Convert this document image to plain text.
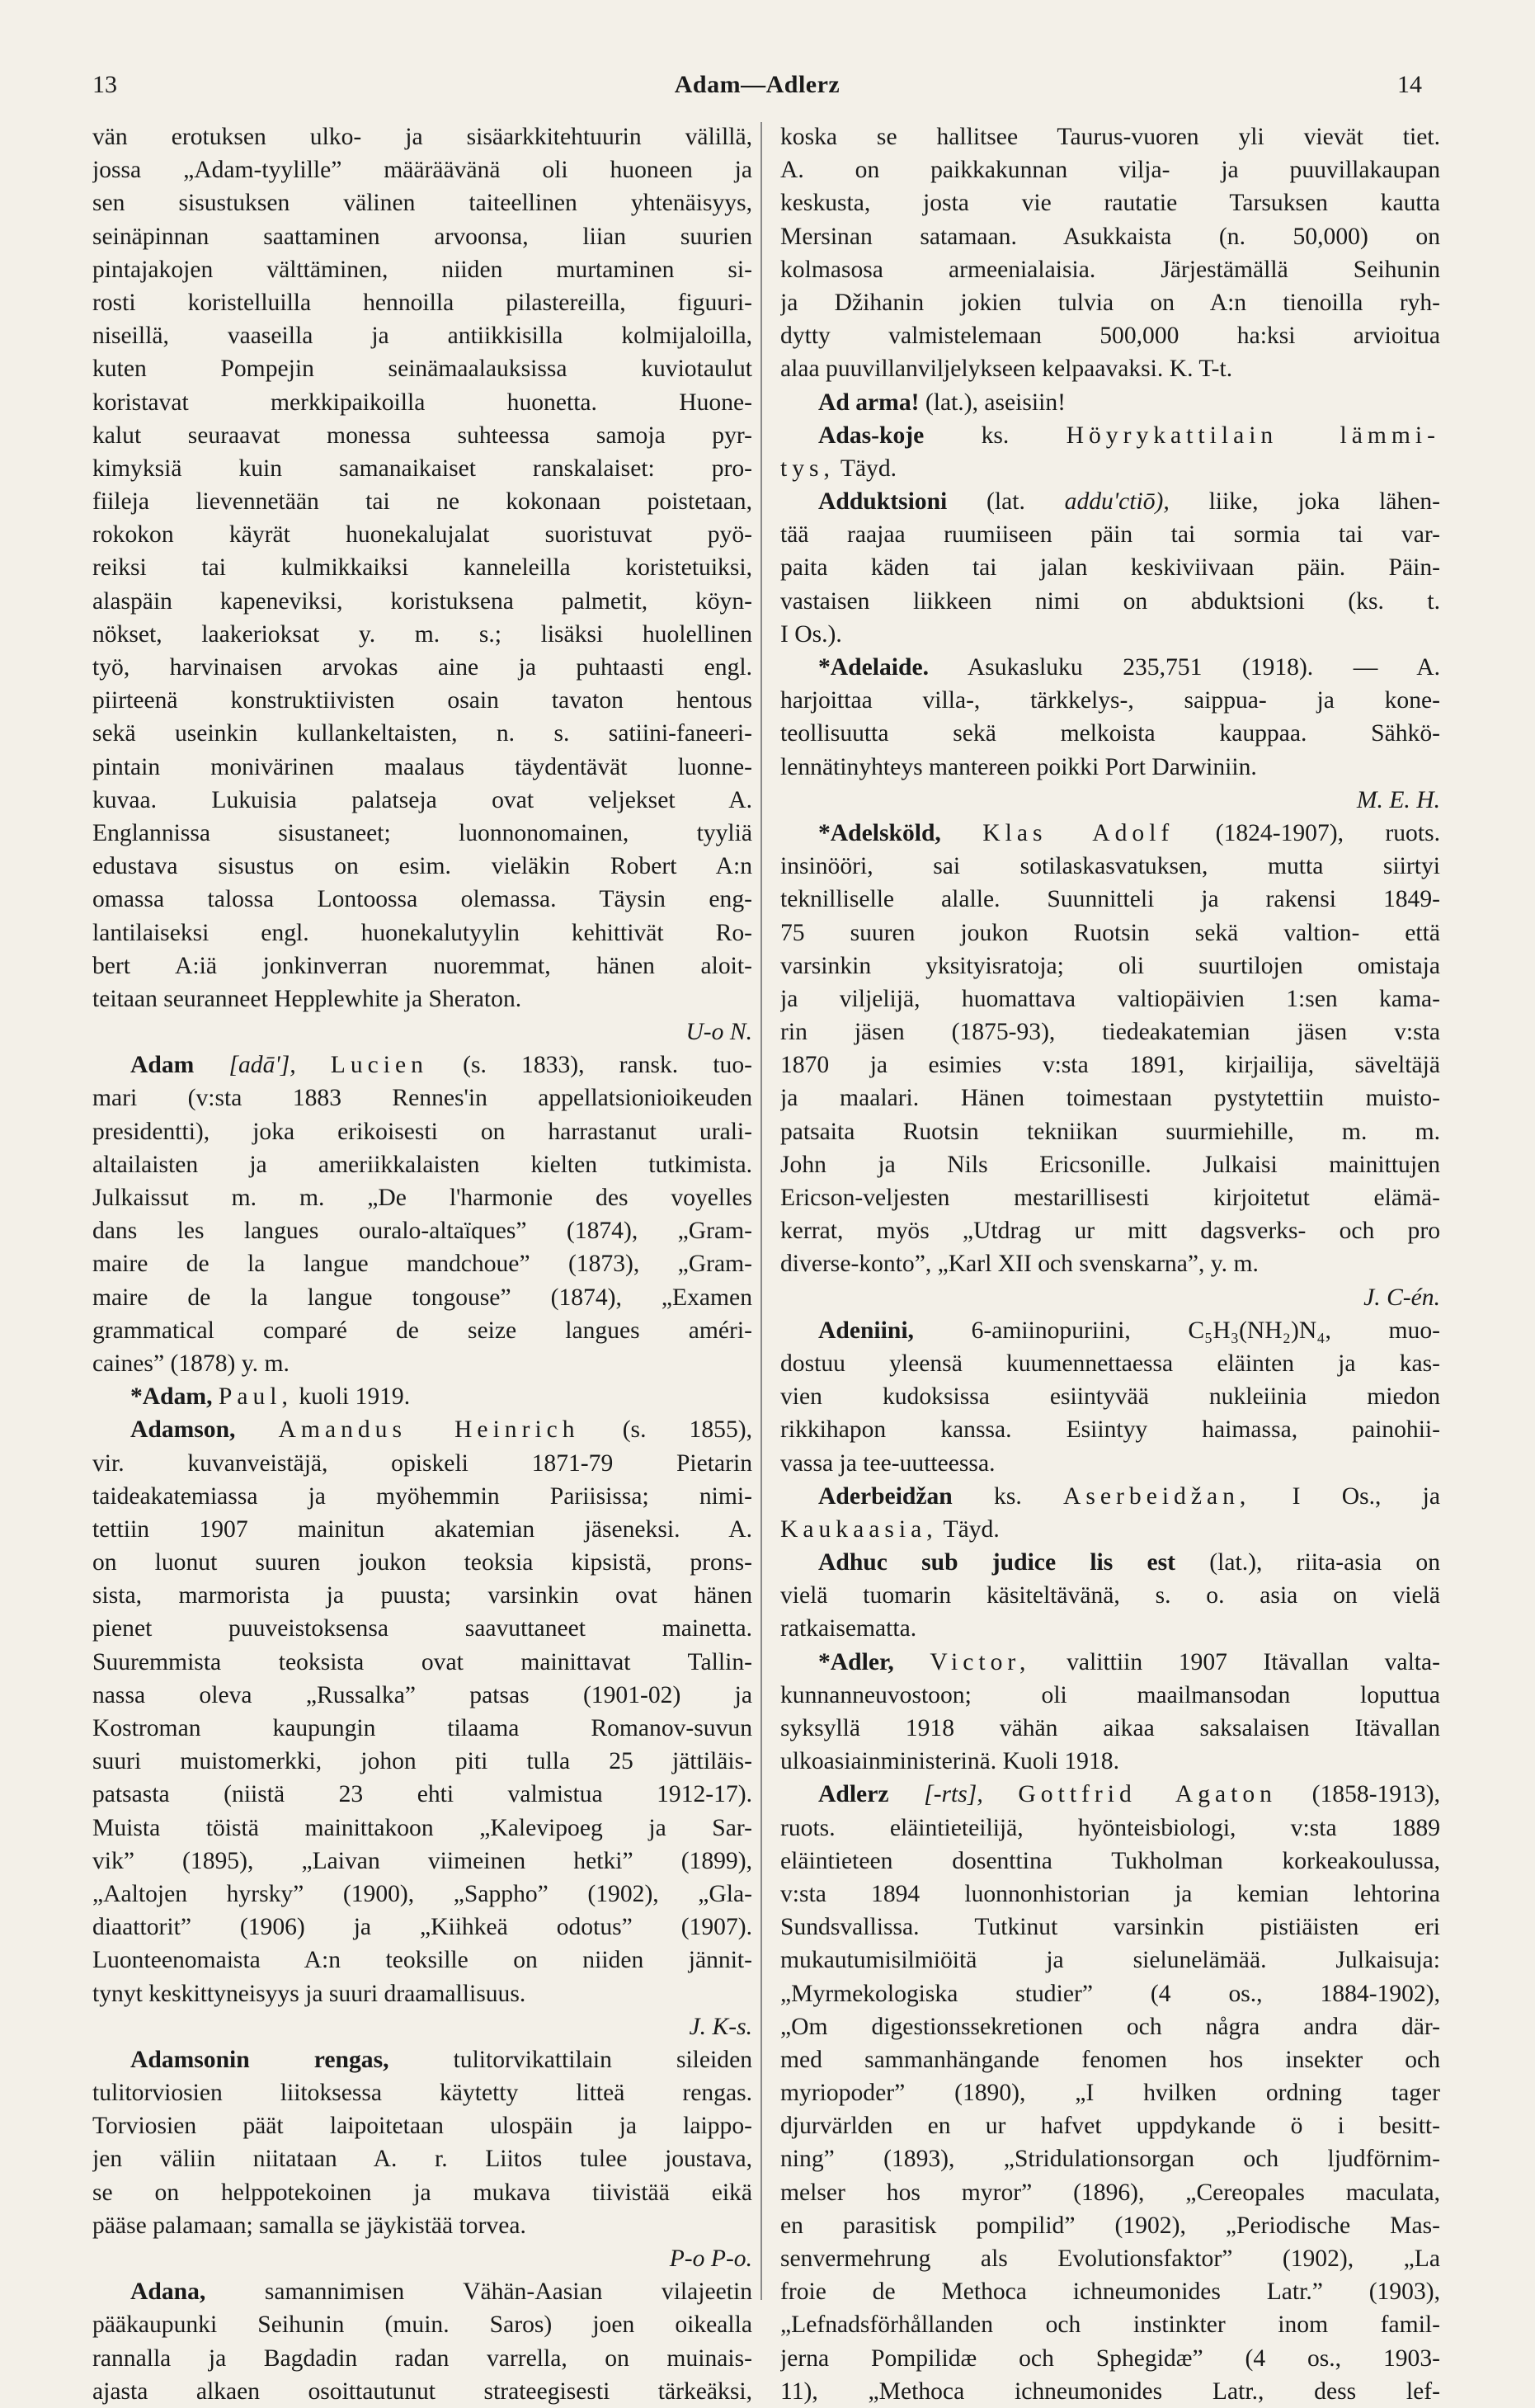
13	Adam—Adlerz	14
vän erotuksen ulko- ja sisäarkkitehtuurin välillä,
jossa „Adam-tyylille” määräävänä oli huoneen ja
sen sisustuksen välinen taiteellinen yhtenäisyys,
seinäpinnan saattaminen arvoonsa, liian suurien
pintajakojen välttäminen, niiden murtaminen si-
rosti koristelluilla hennoilla pilastereilla, figuuri-
niseillä, vaaseilla ja antiikkisilla kolmijaloilla,
kuten Pompejin seinämaalauksissa kuviotaulut
koristavat merkkipaikoilla huonetta. Huone-
kalut seuraavat monessa suhteessa samoja pyr-
kimyksiä kuin samanaikaiset ranskalaiset: pro-
fiileja lievennetään tai ne kokonaan poistetaan,
rokokon käyrät huonekalujalat suoristuvat pyö-
reiksi tai kulmikkaiksi kanneleilla koristetuiksi,
alaspäin kapeneviksi, koristuksena palmetit, köyn-
nökset, laakerioksat y. m. s.; lisäksi huolellinen
työ, harvinaisen arvokas aine ja puhtaasti engl.
piirteenä konstruktiivisten osain tavaton hentous
sekä useinkin kullankeltaisten, n. s. satiini-faneeri-
pintain monivärinen maalaus täydentävät luonne-
kuvaa. Lukuisia palatseja ovat veljekset A.
Englannissa sisustaneet; luonnonomainen, tyyliä
edustava sisustus on esim. vieläkin Robert A:n
omassa talossa Lontoossa olemassa. Täysin eng-
lantilaiseksi engl. huonekalutyylin kehittivät Ro-
bert A:iä jonkinverran nuoremmat, hänen aloit-
teitaan seuranneet Hepplewhite ja Sheraton.
U-o N.
Adam [adā'], Lucien (s. 1833), ransk. tuo-
mari (v:sta 1883 Rennes'in appellatsionioikeuden
presidentti), joka erikoisesti on harrastanut urali-
altailaisten ja ameriikkalaisten kielten tutkimista.
Julkaissut m. m. „De l'harmonie des voyelles
dans les langues ouralo-altaïques” (1874), „Gram-
maire de la langue mandchoue” (1873), „Gram-
maire de la langue tongouse” (1874), „Examen
grammatical comparé de seize langues améri-
caines” (1878) y. m.
*Adam, Paul, kuoli 1919.
Adamson, Amandus Heinrich (s. 1855),
vir. kuvanveistäjä, opiskeli 1871-79 Pietarin
taideakatemiassa ja myöhemmin Pariisissa; nimi-
tettiin 1907 mainitun akatemian jäseneksi. A.
on luonut suuren joukon teoksia kipsistä, prons-
sista, marmorista ja puusta; varsinkin ovat hänen
pienet puuveistoksensa saavuttaneet mainetta.
Suuremmista teoksista ovat mainittavat Tallin-
nassa oleva „Russalka” patsas (1901-02) ja
Kostroman kaupungin tilaama Romanov-suvun
suuri muistomerkki, johon piti tulla 25 jättiläis-
patsasta (niistä 23 ehti valmistua 1912-17).
Muista töistä mainittakoon „Kalevipoeg ja Sar-
vik” (1895), „Laivan viimeinen hetki” (1899),
„Aaltojen hyrsky” (1900), „Sappho” (1902), „Gla-
diaattorit” (1906) ja „Kiihkeä odotus” (1907).
Luonteenomaista A:n teoksille on niiden jännit-
tynyt keskittyneisyys ja suuri draamallisuus.
J. K-s.
Adamsonin rengas,	tulitorvikattilain sileiden
tulitorviosien liitoksessa käytetty litteä rengas.
Torviosien päät laipoitetaan ulospäin ja laippo-
jen väliin niitataan A. r. Liitos tulee joustava,
se on helppotekoinen ja mukava tiivistää eikä
pääse palamaan; samalla se jäykistää torvea.
P-o P-o.
Adana, samannimisen Vähän-Aasian vilajeetin
pääkaupunki Seihunin (muin. Saros) joen oikealla
rannalla ja Bagdadin radan varrella, on muinais-
ajasta alkaen osoittautunut strateegisesti tärkeäksi,
koska se hallitsee Taurus-vuoren yli vievät tiet.
A. on paikkakunnan vilja- ja puuvillakaupan
keskusta, josta vie rautatie Tarsuksen kautta
Mersinan satamaan. Asukkaista (n. 50,000) on
kolmasosa armeenialaisia. Järjestämällä Seihunin
ja Džihanin jokien tulvia on A:n tienoilla ryh-
dytty valmistelemaan 500,000 ha:ksi arvioitua
alaa puuvillanviljelykseen kelpaavaksi. K. T-t.
Ad arma! (lat.), aseisiin!
Adas-koje ks. Höyrykattilain lämmi-
tys, Täyd.
Adduktsioni (lat. addu'ctiō), liike, joka lähen-
tää raajaa ruumiiseen päin tai sormia tai var-
paita käden tai jalan keskiviivaan päin. Päin-
vastaisen liikkeen nimi on abduktsioni (ks. t.
I Os.).
*Adelaide. Asukasluku 235,751 (1918). — A.
harjoittaa villa-, tärkkelys-, saippua- ja kone-
teollisuutta sekä melkoista kauppaa. Sähkö-
lennätinyhteys mantereen poikki Port Darwiniin.
M. E. H.
*Adelsköld, Klas Adolf (1824-1907), ruots.
insinööri, sai sotilaskasvatuksen, mutta siirtyi
teknilliselle alalle. Suunnitteli ja rakensi 1849-
75 suuren joukon Ruotsin sekä valtion- että
varsinkin yksityisratoja; oli suurtilojen omistaja
ja viljelijä, huomattava valtiopäivien 1:sen kama-
rin jäsen (1875-93), tiedeakatemian jäsen v:sta
1870 ja esimies v:sta 1891, kirjailija, säveltäjä
ja maalari. Hänen toimestaan pystytettiin muisto-
patsaita Ruotsin tekniikan suurmiehille, m. m.
John ja Nils Ericsonille. Julkaisi mainittujen
Ericson-veljesten mestarillisesti kirjoitetut elämä-
kerrat, myös „Utdrag ur mitt dagsverks- och pro
diverse-konto”, „Karl XII och svenskarna”, y. m.
J. C-én.
Adeniini, 6-amiinopuriini, C₅H₃(NH₂)N₄, muo-
dostuu yleensä kuumennettaessa eläinten ja kas-
vien kudoksissa esiintyvää nukleiinia miedon
rikkihapon kanssa. Esiintyy haimassa, painohii-
vassa ja tee-uutteessa.
Aderbeidžan ks. Aserbeidžan, I Os., ja
Kaukaasia, Täyd.
Adhuc sub judice lis est (lat.), riita-asia on
vielä tuomarin käsiteltävänä, s. o. asia on vielä
ratkaisematta.
*Adler, Victor, valittiin 1907 Itävallan valta-
kunnanneuvostoon; oli maailmansodan loputtua
syksyllä 1918 vähän aikaa saksalaisen Itävallan
ulkoasiainministerinä. Kuoli 1918.
Adlerz [-rts], Gottfrid Agaton (1858-1913),
ruots. eläintieteilijä, hyönteisbiologi, v:sta 1889
eläintieteen dosenttina Tukholman korkeakoulussa,
v:sta 1894 luonnonhistorian ja kemian lehtorina
Sundsvallissa. Tutkinut varsinkin pistiäisten eri
mukautumisilmiöitä ja sielunelämää. Julkaisuja:
„Myrmekologiska studier” (4 os., 1884-1902),
„Om digestionssekretionen och några andra där-
med sammanhängande fenomen hos insekter och
myriopoder” (1890), „I hvilken ordning tager
djurvärlden en ur hafvet uppdykande ö i besitt-
ning” (1893), „Stridulationsorgan och ljudförnim-
melser hos myror” (1896), „Cereopales maculata,
en parasitisk pompilid” (1902), „Periodische Mas-
senvermehrung als Evolutionsfaktor” (1902), „La
froie de Methoca ichneumonides Latr.” (1903),
„Lefnadsförhållanden och instinkter inom famil-
jerna Pompilidæ och Sphegidæ” (4 os., 1903-
11), „Methoca ichneumonides Latr., dess lef-
